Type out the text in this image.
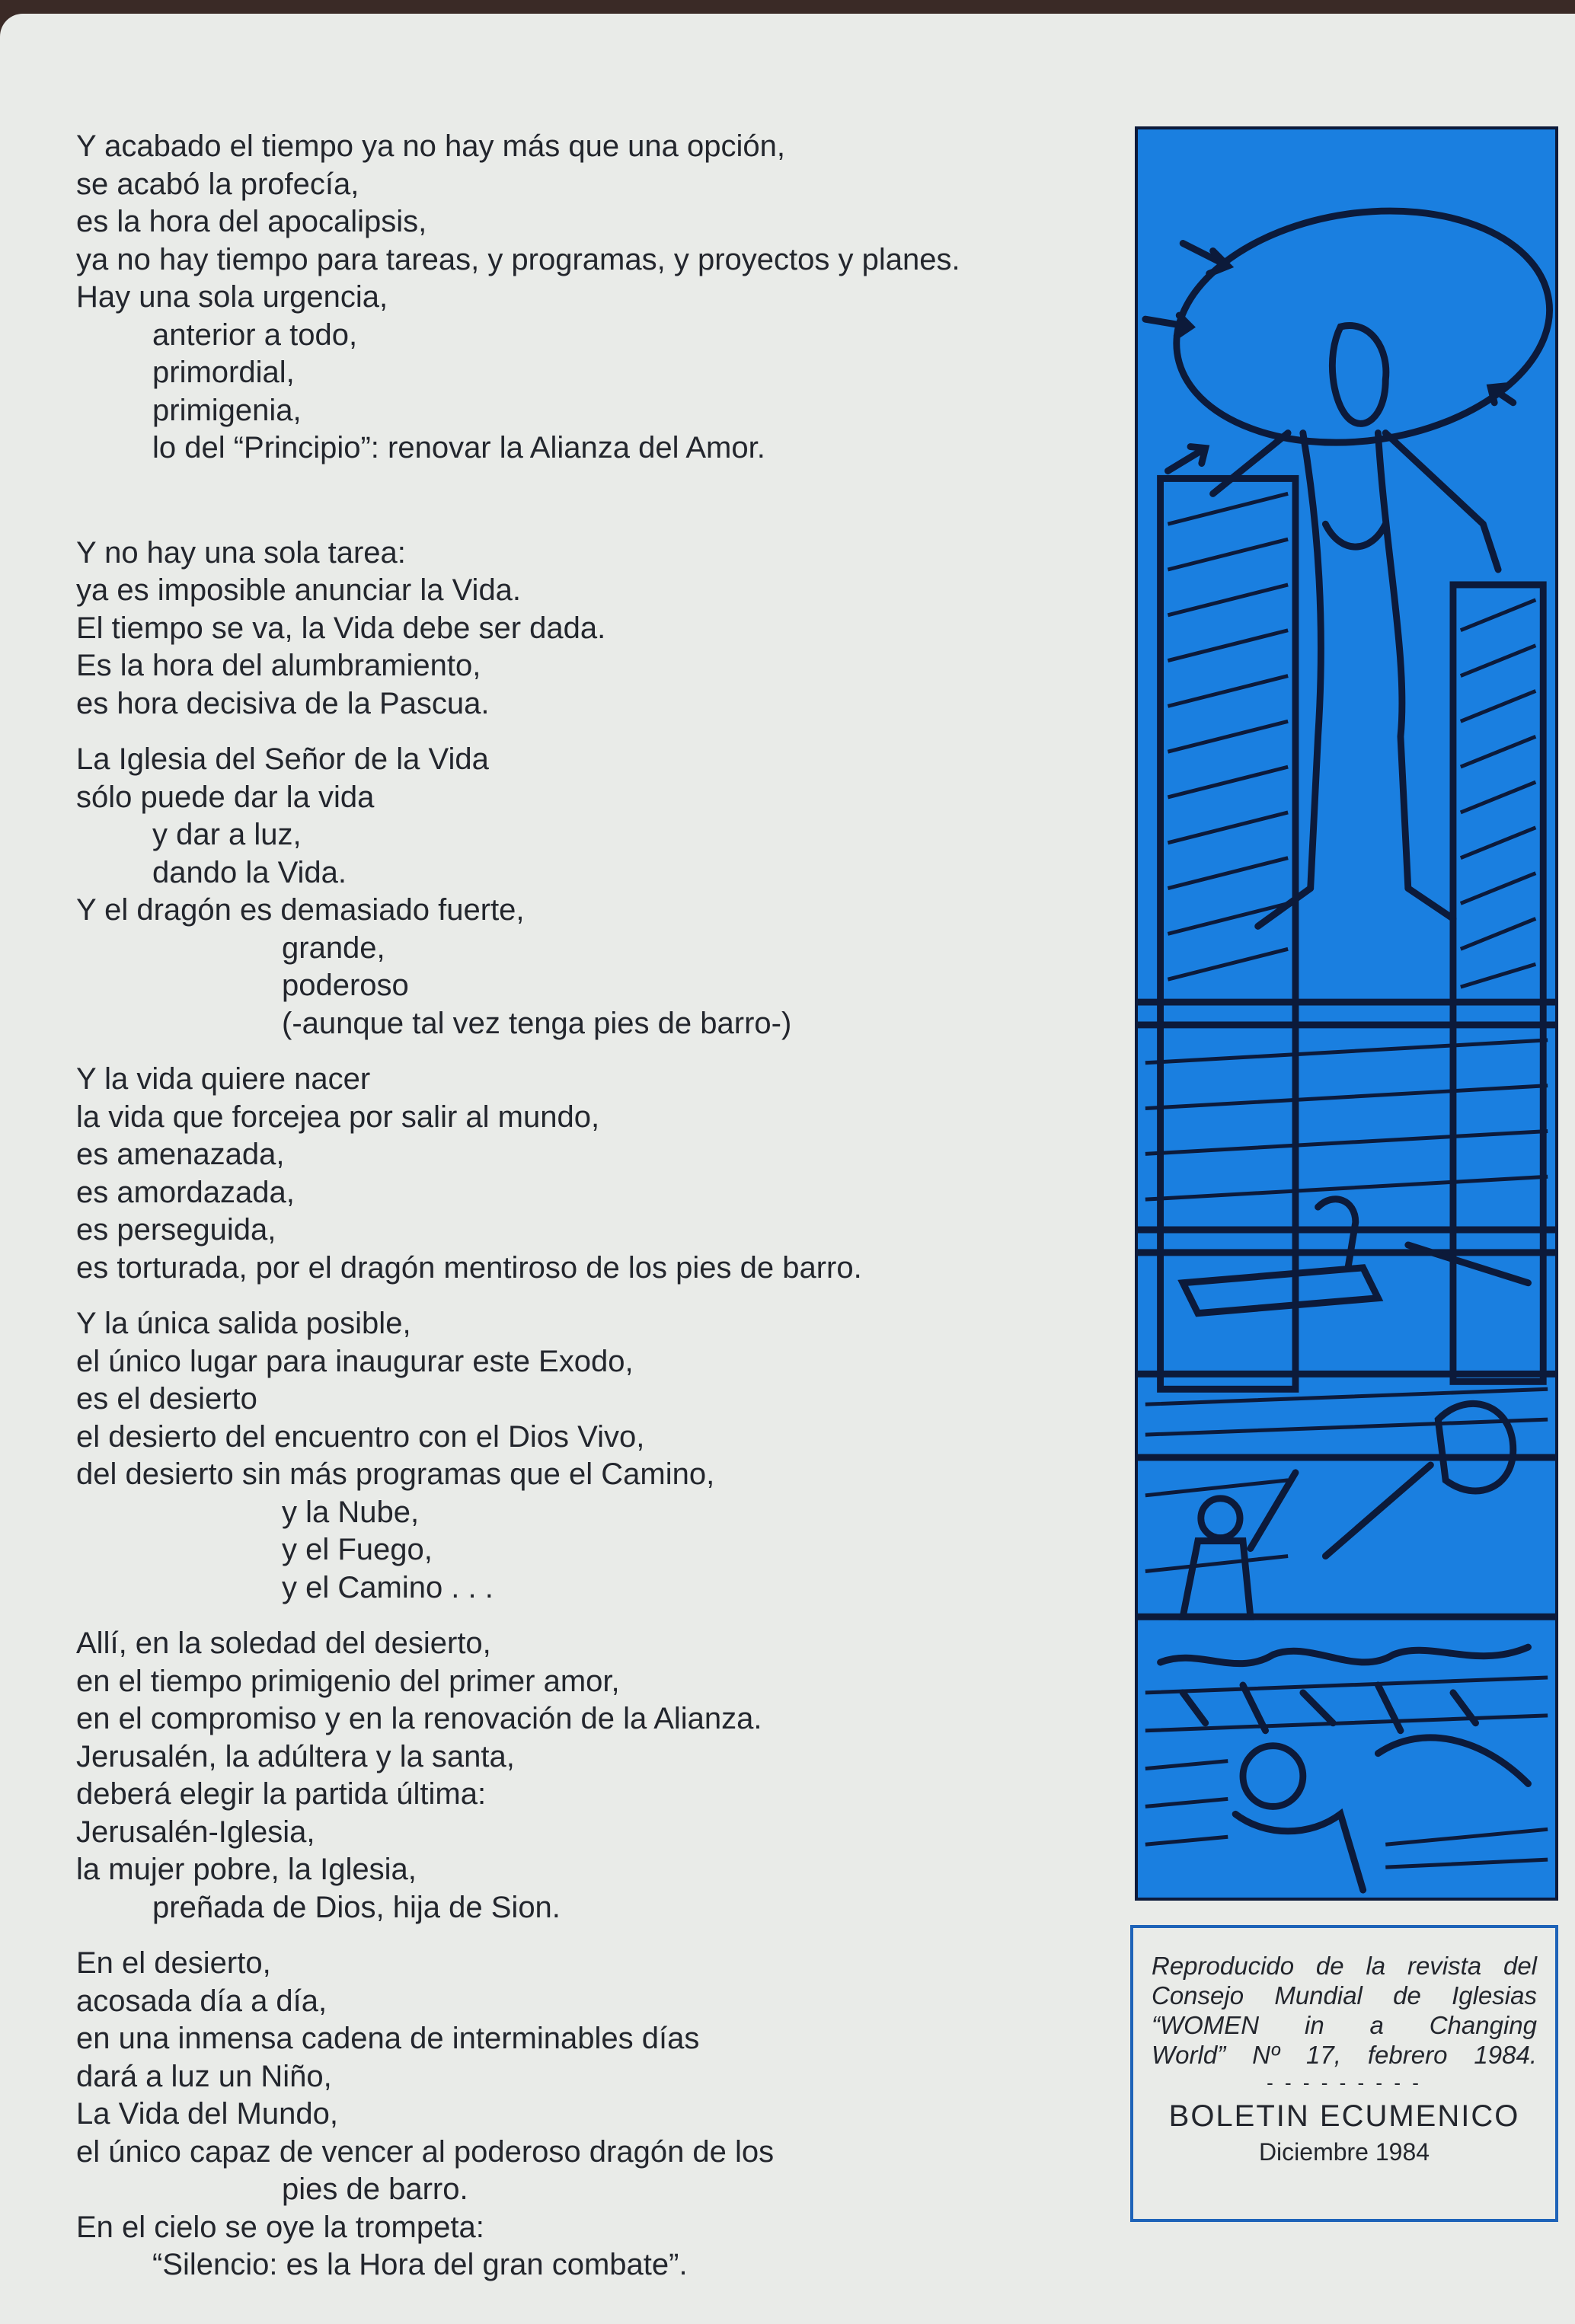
Y acabado el tiempo ya no hay más que una opción,
se acabó la profecía,
es la hora del apocalipsis,
ya no hay tiempo para tareas, y programas, y proyectos y planes.
Hay una sola urgencia,
anterior a todo,
primordial,
primigenia,
lo del “Principio”: renovar la Alianza del Amor.
Y no hay una sola tarea:
ya es imposible anunciar la Vida.
El tiempo se va, la Vida debe ser dada.
Es la hora del alumbramiento,
es hora decisiva de la Pascua.
La Iglesia del Señor de la Vida
sólo puede dar la vida
y dar a luz,
dando la Vida.
Y el dragón es demasiado fuerte,
grande,
poderoso
(-aunque tal vez tenga pies de barro-)
Y la vida quiere nacer
la vida que forcejea por salir al mundo,
es amenazada,
es amordazada,
es perseguida,
es torturada, por el dragón mentiroso de los pies de barro.
Y la única salida posible,
el único lugar para inaugurar este Exodo,
es el desierto
el desierto del encuentro con el Dios Vivo,
del desierto sin más programas que el Camino,
y la Nube,
y el Fuego,
y el Camino . . .
Allí, en la soledad del desierto,
en el tiempo primigenio del primer amor,
en el compromiso y en la renovación de la Alianza.
Jerusalén, la adúltera y la santa,
deberá elegir la partida última:
Jerusalén-Iglesia,
la mujer pobre, la Iglesia,
preñada de Dios, hija de Sion.
En el desierto,
acosada día a día,
en una inmensa cadena de interminables días
dará a luz un Niño,
La Vida del Mundo,
el único capaz de vencer al poderoso dragón de los
pies de barro.
En el cielo se oye la trompeta:
“Silencio: es la Hora del gran combate”.
Reproducido de la revista del
Consejo Mundial de Iglesias
“WOMEN in a Changing
World” Nº 17, febrero 1984.
- - - - - - - - -
BOLETIN ECUMENICO
Diciembre 1984
